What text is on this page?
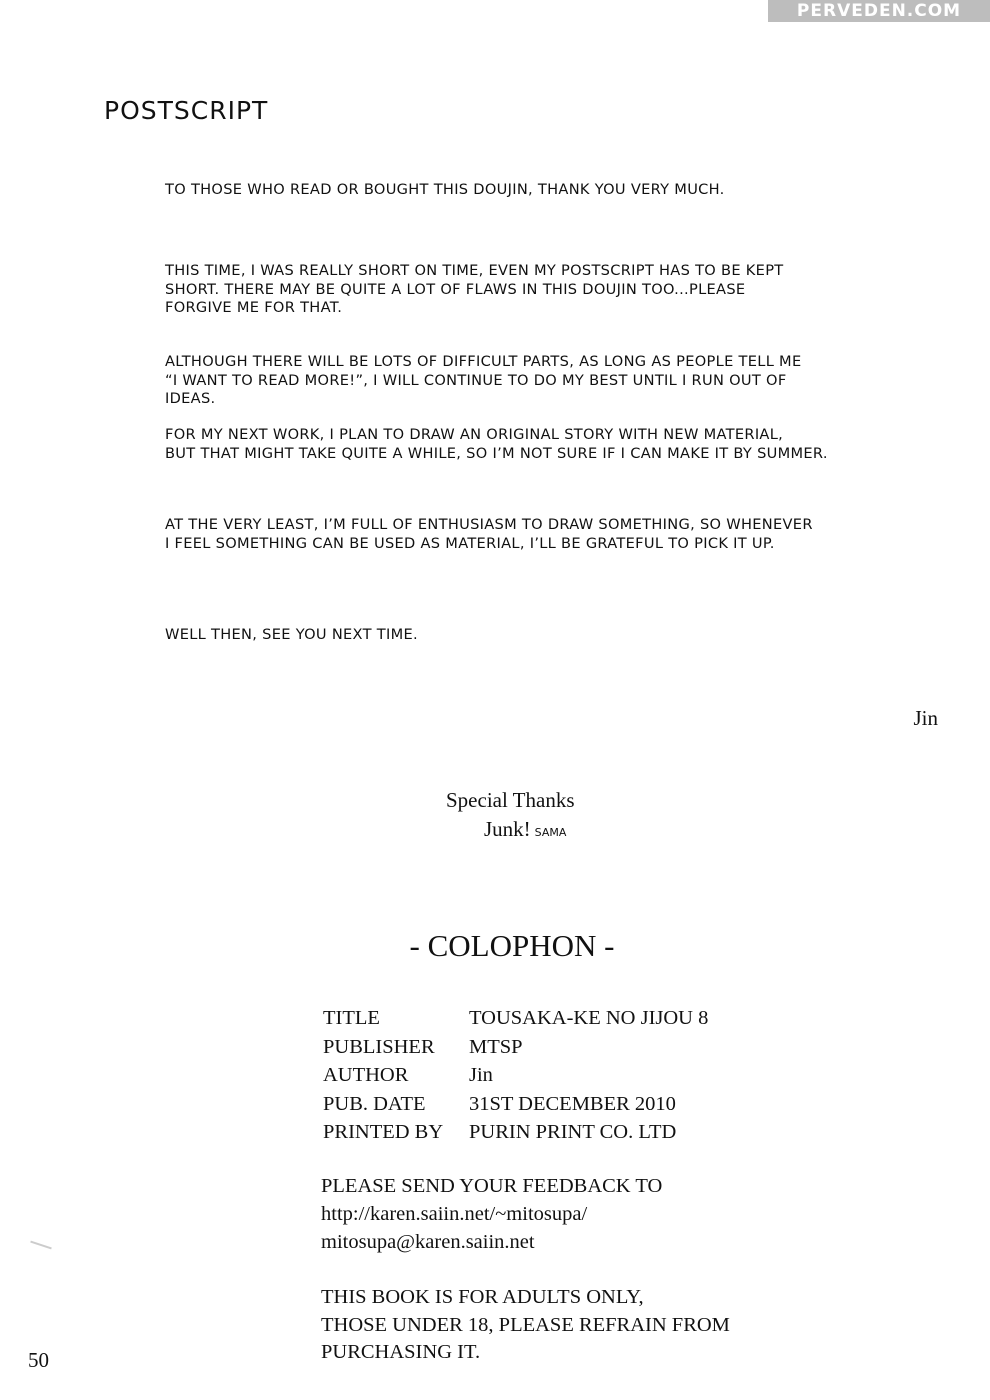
PERVEDEN.COM
POSTSCRIPT

TO THOSE WHO READ OR BOUGHT THIS DOUJIN, THANK YOU VERY MUCH.

THIS TIME, I WAS REALLY SHORT ON TIME, EVEN MY POSTSCRIPT HAS TO BE KEPT
SHORT. THERE MAY BE QUITE A LOT OF FLAWS IN THIS DOUJIN TOO...PLEASE
FORGIVE ME FOR THAT.

ALTHOUGH THERE WILL BE LOTS OF DIFFICULT PARTS, AS LONG AS PEOPLE TELL ME
“I WANT TO READ MORE!”, I WILL CONTINUE TO DO MY BEST UNTIL I RUN OUT OF
IDEAS.

FOR MY NEXT WORK, I PLAN TO DRAW AN ORIGINAL STORY WITH NEW MATERIAL,
BUT THAT MIGHT TAKE QUITE A WHILE, SO I’M NOT SURE IF I CAN MAKE IT BY SUMMER.

AT THE VERY LEAST, I’M FULL OF ENTHUSIASM TO DRAW SOMETHING, SO WHENEVER
I FEEL SOMETHING CAN BE USED AS MATERIAL, I’LL BE GRATEFUL TO PICK IT UP.

WELL THEN, SEE YOU NEXT TIME.

Jin

Special Thanks

Junk! SAMA

- COLOPHON -
TITLE	TOUSAKA-KE NO JIJOU 8
PUBLISHER MTSP
AUTHOR	Jin
PUB. DATE 31ST DECEMBER 2010
PRINTED BY PURIN PRINT CO. LTD
PLEASE SEND YOUR FEEDBACK TO
http://karen.saiin.net/~mitosupa/
mitosupa@karen.saiin.net
THIS BOOK IS FOR ADULTS ONLY,
THOSE UNDER 18, PLEASE REFRAIN FROM
PURCHASING IT.

50
